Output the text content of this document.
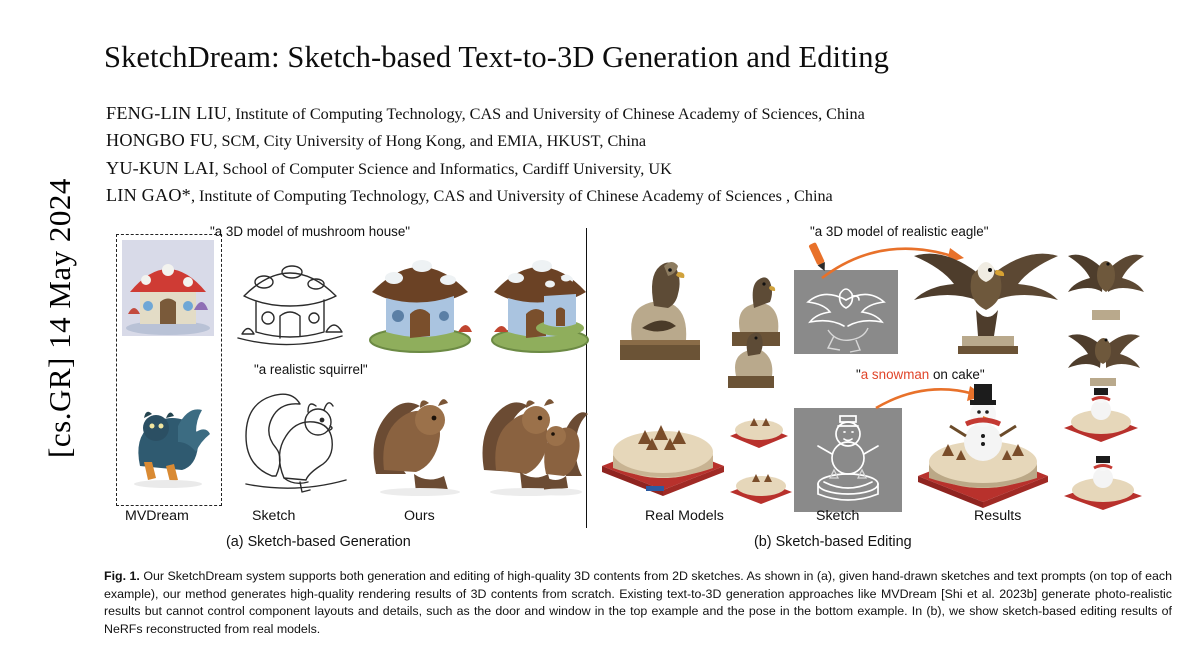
[cs.GR] 14 May 2024
SketchDream: Sketch-based Text-to-3D Generation and Editing
FENG-LIN LIU, Institute of Computing Technology, CAS and University of Chinese Academy of Sciences, China
HONGBO FU, SCM, City University of Hong Kong, and EMIA, HKUST, China
YU-KUN LAI, School of Computer Science and Informatics, Cardiff University, UK
LIN GAO*, Institute of Computing Technology, CAS and University of Chinese Academy of Sciences , China
"a 3D model of mushroom house"
"a realistic squirrel"
"a 3D model of realistic eagle"
"a snowman on cake"
MVDream	Sketch	Ours	Real Models	Sketch	Results
(a) Sketch-based Generation	(b) Sketch-based Editing
Fig. 1. Our SketchDream system supports both generation and editing of high-quality 3D contents from 2D sketches. As shown in (a), given hand-drawn sketches and text prompts (on top of each example), our method generates high-quality rendering results of 3D contents from scratch. Existing text-to-3D generation approaches like MVDream [Shi et al. 2023b] generate photo-realistic results but cannot control component layouts and details, such as the door and window in the top example and the pose in the bottom example. In (b), we show sketch-based editing results of NeRFs reconstructed from real models.
